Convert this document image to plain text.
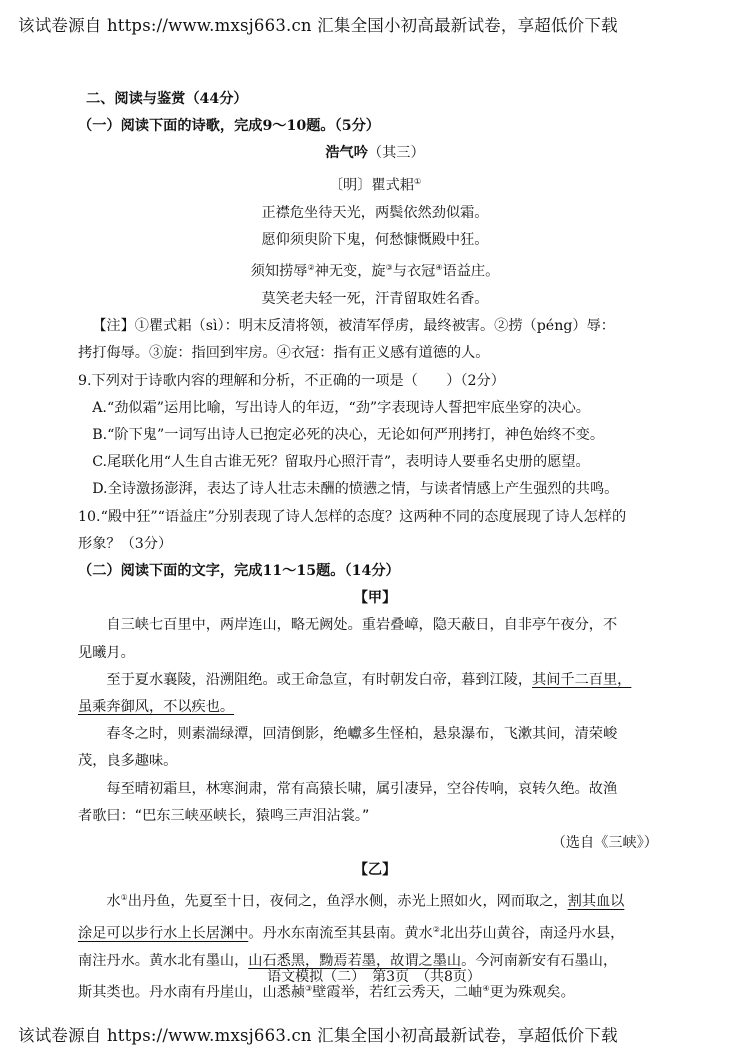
该试卷源自 https://www.mxsj663.cn 汇集全国小初高最新试卷，享超低价下载
二、阅读与鉴赏（44分）
（一）阅读下面的诗歌，完成9～10题。（5分）
浩气吟（其三）
〔明〕瞿式耜①
正襟危坐待天光，两鬓依然劲似霜。
愿仰须臾阶下鬼，何愁慷慨殿中狂。
须知捞辱②神无变，旋③与衣冠④语益庄。
莫笑老夫轻一死，汗青留取姓名香。
【注】①瞿式耜（sì）：明末反清将领，被清军俘虏，最终被害。②捞（péng）辱：
拷打侮辱。③旋：指回到牢房。④衣冠：指有正义感有道德的人。
9.下列对于诗歌内容的理解和分析，不正确的一项是（　　）（2分）
A.“劲似霜”运用比喻，写出诗人的年迈，“劲”字表现诗人誓把牢底坐穿的决心。
B.“阶下鬼”一词写出诗人已抱定必死的决心，无论如何严刑拷打，神色始终不变。
C.尾联化用“人生自古谁无死？留取丹心照汗青”，表明诗人要垂名史册的愿望。
D.全诗激扬澎湃，表达了诗人壮志未酬的愤懑之情，与读者情感上产生强烈的共鸣。
10.“殿中狂”“语益庄”分别表现了诗人怎样的态度？这两种不同的态度展现了诗人怎样的
形象？（3分）
（二）阅读下面的文字，完成11～15题。（14分）
【甲】
自三峡七百里中，两岸连山，略无阙处。重岩叠嶂，隐天蔽日，自非亭午夜分，不
见曦月。
至于夏水襄陵，沿溯阻绝。或王命急宣，有时朝发白帝，暮到江陵，其间千二百里，
虽乘奔御风，不以疾也。
春冬之时，则素湍绿潭，回清倒影，绝巘多生怪柏，悬泉瀑布，飞漱其间，清荣峻
茂，良多趣味。
每至晴初霜旦，林寒涧肃，常有高猿长啸，属引凄异，空谷传响，哀转久绝。故渔
者歌曰：“巴东三峡巫峡长，猿鸣三声泪沾裳。”
（选自《三峡》）
【乙】
水①出丹鱼，先夏至十日，夜伺之，鱼浮水侧，赤光上照如火，网而取之，割其血以
涂足可以步行水上长居渊中。丹水东南流至其县南。黄水②北出芬山黄谷，南迳丹水县，
南注丹水。黄水北有墨山，山石悉黑，黝焉若墨，故谓之墨山。今河南新安有石墨山，
斯其类也。丹水南有丹崖山，山悉赪③壁霞举，若红云秀天，二岫④更为殊观矣。
语文模拟（二）　第3页　（共8页）
该试卷源自 https://www.mxsj663.cn 汇集全国小初高最新试卷，享超低价下载
